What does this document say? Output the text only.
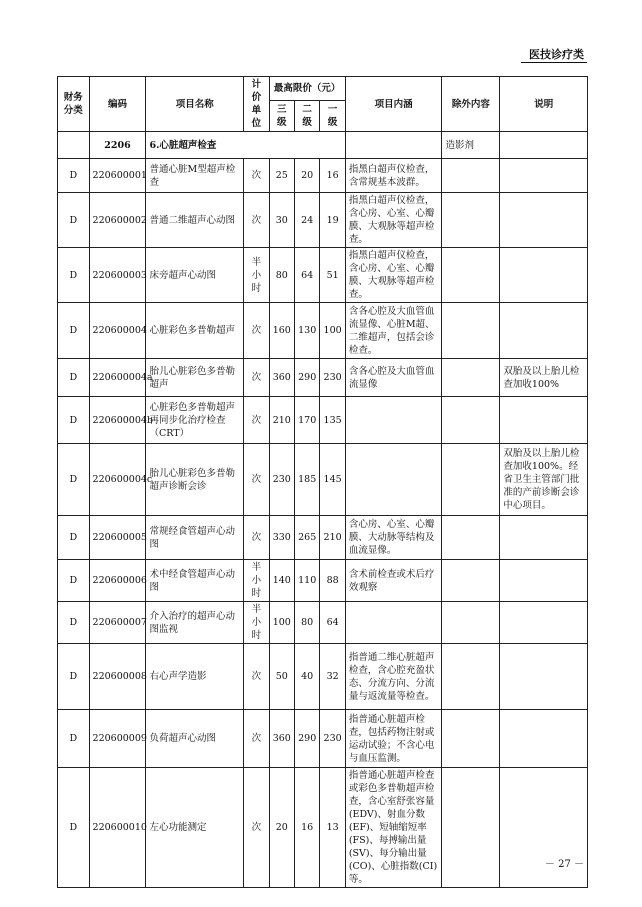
医技诊疗类
财务分类	编码	项目名称	计价单位	最高限价（元）			项目内涵	除外内容	说明
				三级	二级	一级			
	2206	6.心脏超声检查						造影剂	
D	220600001	普通心脏M型超声检查	次	25	20	16	指黑白超声仪检查，含常规基本波群。		
D	220600002	普通二维超声心动图	次	30	24	19	指黑白超声仪检查，含心房、心室、心瓣膜、大观脉等超声检查。		
D	220600003	床旁超声心动图	半小时	80	64	51	指黑白超声仪检查，含心房、心室、心瓣膜、大观脉等超声检查。		
D	220600004	心脏彩色多普勒超声	次	160	130	100	含各心腔及大血管血流显像、心脏M超、二维超声，包括会诊检查。		
D	220600004a	胎儿心脏彩色多普勒超声	次	360	290	230	含各心腔及大血管血流显像		双胎及以上胎儿检查加收100%
D	220600004b	心脏彩色多普勒超声再同步化治疗检查（CRT）	次	210	170	135			
D	220600004c	胎儿心脏彩色多普勒超声诊断会诊	次	230	185	145			双胎及以上胎儿检查加收100%。经省卫生主管部门批准的产前诊断会诊中心项目。
D	220600005	常规经食管超声心动图	次	330	265	210	含心房、心室、心瓣膜、大动脉等结构及血流显像。		
D	220600006	术中经食管超声心动图	半小时	140	110	88	含术前检查或术后疗效观察		
D	220600007	介入治疗的超声心动图监视	半小时	100	80	64			
D	220600008	右心声学造影	次	50	40	32	指普通二维心脏超声检查，含心腔充盈状态、分流方向、分流量与返流量等检查。		
D	220600009	负荷超声心动图	次	360	290	230	指普通心脏超声检查，包括药物注射或运动试验；不含心电与血压监测。		
D	220600010	左心功能测定	次	20	16	13	指普通心脏超声检查或彩色多普勒超声检查，含心室舒张容量(EDV)、射血分数(EF)、短轴缩短率(FS)、每搏输出量(SV)、每分输出量(CO)、心脏指数(CI)等。		
－ 27 －
